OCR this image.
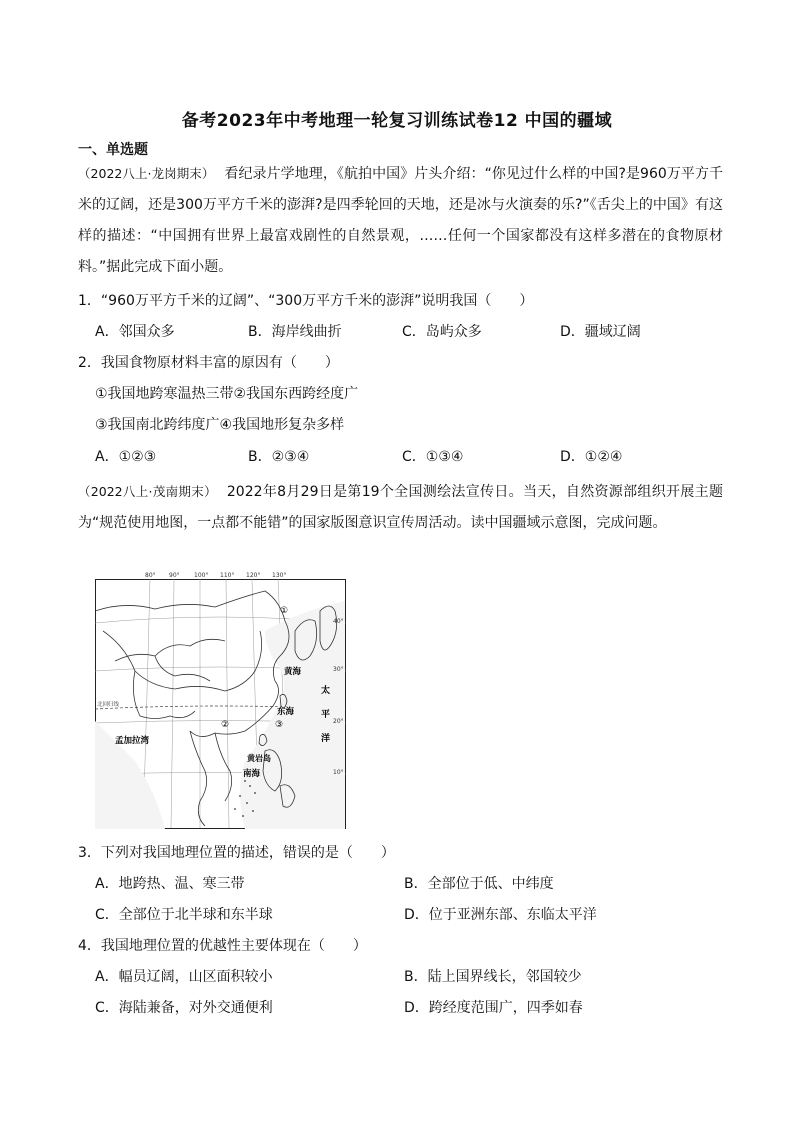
备考2023年中考地理一轮复习训练试卷12 中国的疆域
一、单选题
（2022八上·龙岗期末） 看纪录片学地理，《航拍中国》片头介绍：“你见过什么样的中国?是960万平方千米的辽阔，还是300万平方千米的澎湃?是四季轮回的天地，还是冰与火演奏的乐?”《舌尖上的中国》有这样的描述：“中国拥有世界上最富戏剧性的自然景观，……任何一个国家都没有这样多潜在的食物原材料。”据此完成下面小题。
1．“960万平方千米的辽阔”、“300万平方千米的澎湃”说明我国（　　）
A．邻国众多	B．海岸线曲折	C．岛屿众多	D．疆域辽阔
2．我国食物原材料丰富的原因有（　　）
①我国地跨寒温热三带②我国东西跨经度广
③我国南北跨纬度广④我国地形复杂多样
A．①②③	B．②③④	C．①③④	D．①②④
（2022八上·茂南期末） 2022年8月29日是第19个全国测绘法宣传日。当天，自然资源部组织开展主题为“规范使用地图，一点都不能错”的国家版图意识宣传周活动。读中国疆域示意图，完成问题。
80° 90° 100° 110° 120° 130°
40°
30°
20°
10°
北回归线
①
②	③
黄海
东海
南海
黄岩岛
孟加拉湾
太
平
洋
3．下列对我国地理位置的描述，错误的是（　　）
A．地跨热、温、寒三带	B．全部位于低、中纬度
C．全部位于北半球和东半球	D．位于亚洲东部、东临太平洋
4．我国地理位置的优越性主要体现在（　　）
A．幅员辽阔，山区面积较小	B．陆上国界线长，邻国较少
C．海陆兼备，对外交通便利	D．跨经度范围广，四季如春
